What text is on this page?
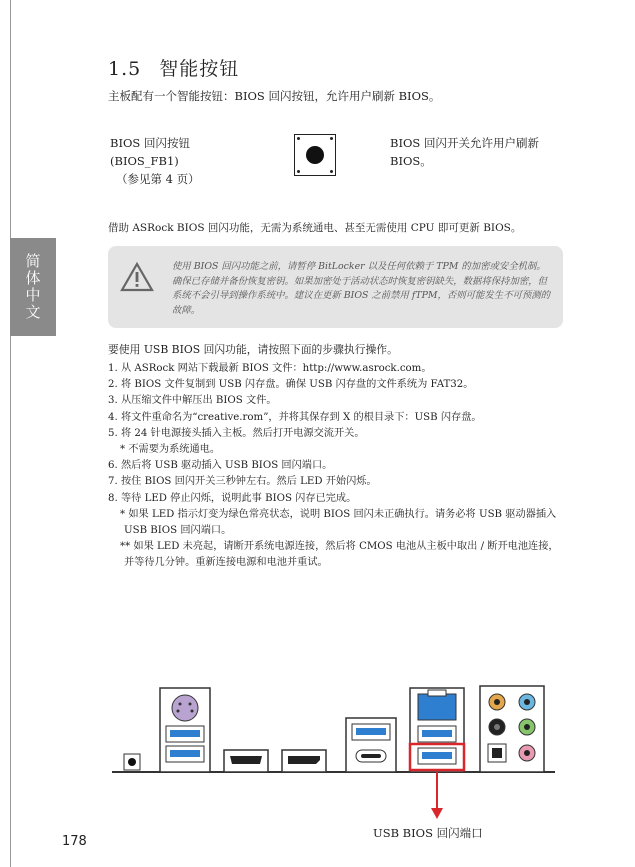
简体中文
1.5 智能按钮
主板配有一个智能按钮：BIOS 回闪按钮，允许用户刷新 BIOS。
BIOS 回闪按钮
(BIOS_FB1)
（参见第 4 页）
BIOS 回闪开关允许用户刷新 BIOS。
借助 ASRock BIOS 回闪功能，无需为系统通电、甚至无需使用 CPU 即可更新 BIOS。
使用 BIOS 回闪功能之前，请暂停 BitLocker 以及任何依赖于 TPM 的加密或安全机制。确保已存储并备份恢复密钥。如果加密处于活动状态时恢复密钥缺失，数据将保持加密，但系统不会引导到操作系统中。建议在更新 BIOS 之前禁用 fTPM，否则可能发生不可预测的故障。
要使用 USB BIOS 回闪功能，请按照下面的步骤执行操作。
1. 从 ASRock 网站下载最新 BIOS 文件：http://www.asrock.com。
2. 将 BIOS 文件复制到 USB 闪存盘。确保 USB 闪存盘的文件系统为 FAT32。
3. 从压缩文件中解压出 BIOS 文件。
4. 将文件重命名为“creative.rom”，并将其保存到 X 的根目录下：USB 闪存盘。
5. 将 24 针电源接头插入主板。然后打开电源交流开关。
* 不需要为系统通电。
6. 然后将 USB 驱动插入 USB BIOS 回闪端口。
7. 按住 BIOS 回闪开关三秒钟左右。然后 LED 开始闪烁。
8. 等待 LED 停止闪烁，说明此事 BIOS 闪存已完成。
* 如果 LED 指示灯变为绿色常亮状态，说明 BIOS 回闪未正确执行。请务必将 USB 驱动器插入
USB BIOS 回闪端口。
** 如果 LED 未亮起，请断开系统电源连接，然后将 CMOS 电池从主板中取出 / 断开电池连接，
并等待几分钟。重新连接电源和电池并重试。
USB BIOS 回闪端口
178
